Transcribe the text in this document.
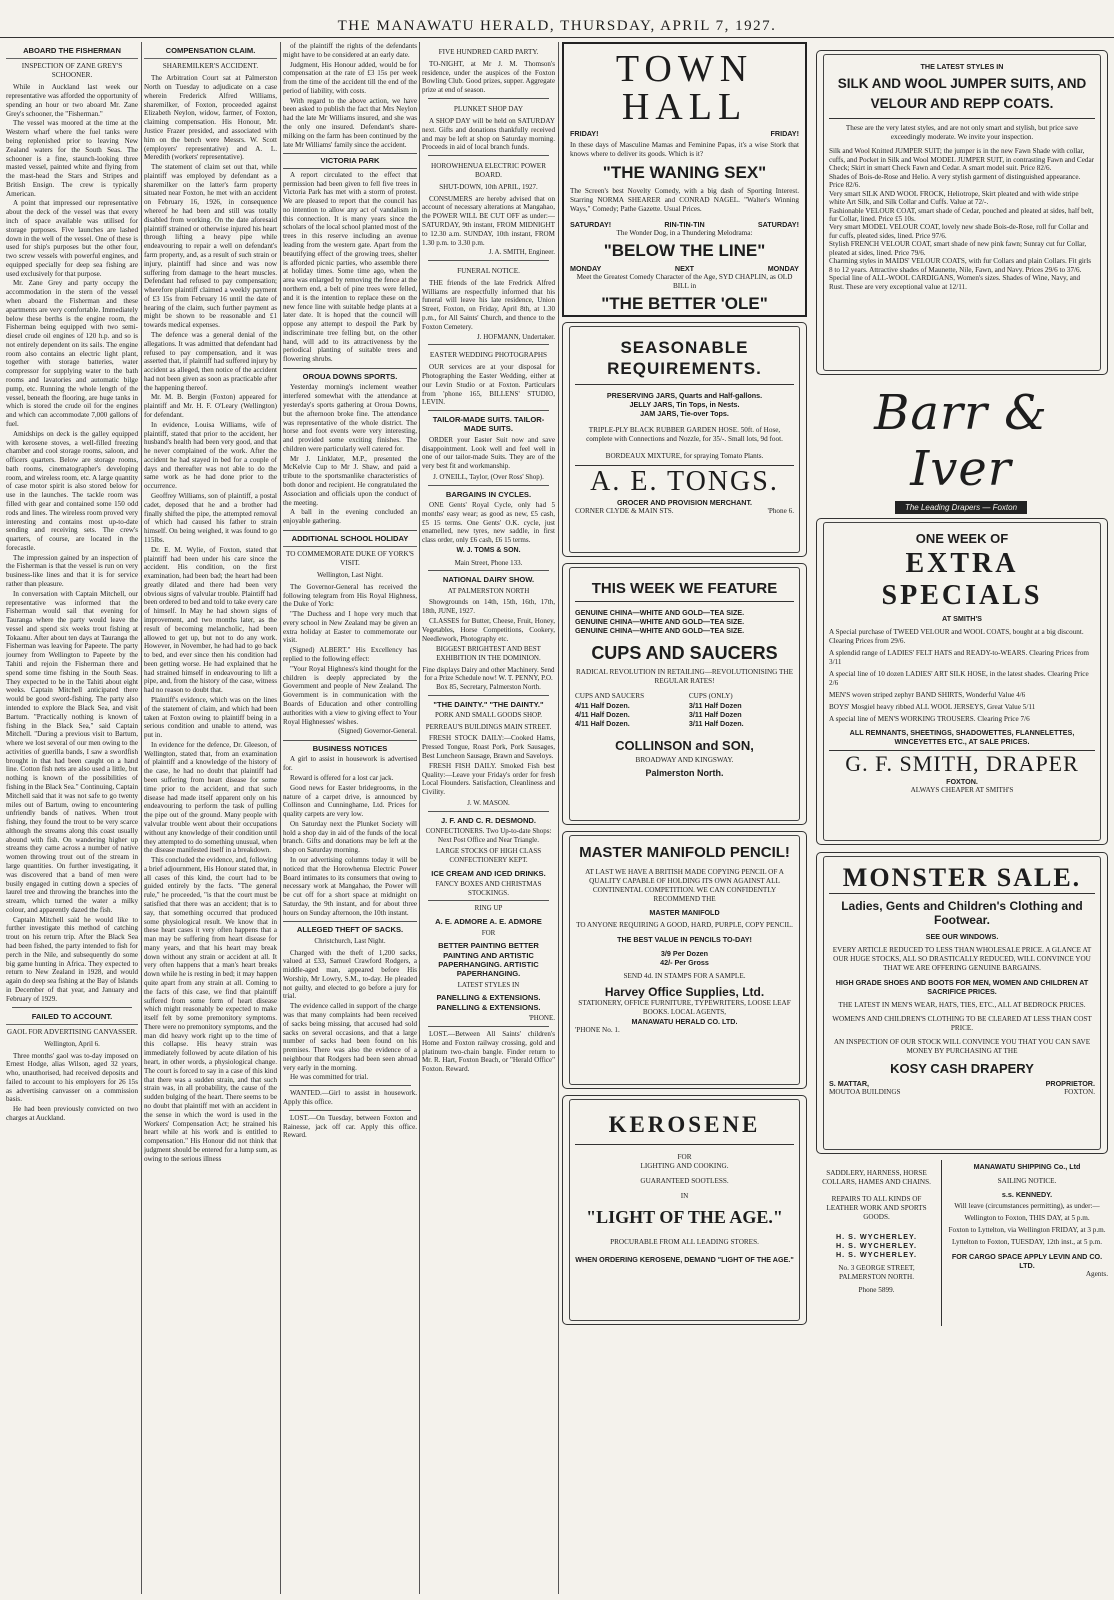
THE MANAWATU HERALD, THURSDAY, APRIL 7, 1927.
ABOARD THE FISHERMAN
INSPECTION OF ZANE GREY'S SCHOONER.

While in Auckland last week our representative was afforded the opportunity of spending an hour or two aboard Mr. Zane Grey's schooner, the "Fisherman."

The vessel was moored at the time at the Western wharf where the fuel tanks were being replenished prior to leaving New Zealand waters for the South Seas. The schooner is a fine, staunch-looking three masted vessel, painted white and flying from the mast-head the Stars and Stripes and British Ensign. The crew is typically American.

A point that impressed our representative about the deck of the vessel was that every inch of space available was utilised for storage purposes. Five launches are lashed down in the well of the vessel. One of these is used for ship's purposes but the other four, two screw vessels with powerful engines, and equipped specially for deep sea fishing are used exclusively for that purpose.

Mr. Zane Grey and party occupy the accommodation in the stern of the vessel when aboard the Fisherman and these apartments are very comfortable. Immediately below these berths is the engine room, the Fisherman being equipped with two semi-diesel crude oil engines of 120 h.p. and so is not entirely dependent on its sails. The engine room also contains an electric light plant, together with storage batteries, water compressor for supplying water to the bath rooms and lavatories and automatic bilge pump, etc. Running the whole length of the vessel, beneath the flooring, are huge tanks in which is stored the crude oil for the engines and which can accommodate 7,000 gallons of fuel.

Amidships on deck is the galley equipped with kerosene stoves, a well-filled freezing chamber and cool storage rooms, saloon, and officers quarters. Below are storage rooms, bath rooms, cinematographer's developing room, and wireless room, etc. A large quantity of case motor spirit is also stored below for use in the launches. The tackle room was filled with gear and contained some 150 odd rods and lines. The wireless room proved very interesting and contains most up-to-date sending and receiving sets. The crew's quarters, of course, are located in the forecastle.

The impression gained by an inspection of the Fisherman is that the vessel is run on very business-like lines and that it is for service rather than pleasure.

In conversation with Captain Mitchell, our representative was informed that the Fisherman would sail that evening for Tauranga where the party would leave the vessel and spend six weeks trout fishing at Tokaanu. After about ten days at Tauranga the Fisherman was leaving for Papeete. The party journey from Wellington to Papeete by the Tahiti and rejoin the Fisherman there and spend some time fishing in the South Seas. They expected to be in the Tahiti about eight weeks. Captain Mitchell anticipated there would be good sword-fishing. The party also intended to explore the Black Sea, and visit Bartum. "Practically nothing is known of fishing in the Black Sea," said Captain Mitchell. "During a previous visit to Bartum, where we lost several of our men owing to the activities of guerilla bands, I saw a swordfish brought in that had been caught on a hand line. Cotton fish nets are also used a little, but nothing is known of the possibilities of fishing in the Black Sea." Continuing, Captain Mitchell said that it was not safe to go twenty miles out of Bartum, owing to encountering unfriendly bands of natives. When trout fishing, they found the trout to be very scarce although the streams along this coast usually abound with fish. On wandering higher up streams they came across a number of native women throwing trout out of the stream in large quantities. On further investigating, it was discovered that a band of men were busily engaged in cutting down a species of laurel tree and throwing the branches into the stream, which turned the water a milky colour, and apparently dazed the fish.

Captain Mitchell said he would like to further investigate this method of catching trout on his return trip. After the Black Sea had been fished, the party intended to fish for perch in the Nile, and subsequently do some big game hunting in Africa. They expected to return to New Zealand in 1928, and would again do deep sea fishing at the Bay of Islands in December of that year, and January and February of 1929.

FAILED TO ACCOUNT.
GAOL FOR ADVERTISING CANVASSER.

Wellington, April 6.

Three months' gaol was to-day imposed on Ernest Hodge, alias Wilson, aged 32 years, who, unauthorised, had received deposits and failed to account to his employers for 26 15s as advertising canvasser on a commission basis.

He had been previously convicted on two charges at Auckland.

COMPENSATION CLAIM.
SHAREMILKER'S ACCIDENT.

The Arbitration Court sat at Palmerston North on Tuesday to adjudicate on a case wherein Frederick Alfred Williams, sharemilker, of Foxton, proceeded against Elizabeth Neylon, widow, farmer, of Foxton, claiming compensation. His Honour, Mr. Justice Frazer presided, and associated with him on the bench were Messrs. W. Scott (employers' representative) and A. L. Meredith (workers' representative).

The statement of claim set out that, while plaintiff was employed by defendant as a sharemilker on the latter's farm property situated near Foxton, he met with an accident on February 16, 1926, in consequence whereof he had been and still was totally disabled from working. On the date aforesaid plaintiff strained or otherwise injured his heart through lifting a heavy pipe while endeavouring to repair a well on defendant's farm property, and, as a result of such strain or injury, plaintiff had since and was now suffering from damage to the heart muscles. Defendant had refused to pay compensation; wherefore plaintiff claimed a weekly payment of £3 15s from February 16 until the date of hearing of the claim, such further payment as might be shown to be reasonable and £1 towards medical expenses.

The defence was a general denial of the allegations. It was admitted that defendant had refused to pay compensation, and it was asserted that, if plaintiff had suffered injury by accident as alleged, then notice of the accident had not been given as soon as practicable after the happening thereof.

Mr. M. B. Bergin (Foxton) appeared for plaintiff and Mr. H. F. O'Leary (Wellington) for defendant.

In evidence, Louisa Williams, wife of plaintiff, stated that prior to the accident, her husband's health had been very good, and that he never complained of the work. After the accident he had stayed in bed for a couple of days and thereafter was not able to do the same work as he had done prior to the occurrence.

Geoffrey Williams, son of plaintiff, a postal cadet, deposed that he and a brother had finally shifted the pipe, the attempted removal of which had caused his father to strain himself. On being weighed, it was found to go 115lbs.

Dr. E. M. Wylie, of Foxton, stated that plaintiff had been under his care since the accident. His condition, on the first examination, had been bad; the heart had been greatly dilated and there had been very obvious signs of valvular trouble. Plaintiff had been ordered to bed and told to take every care of himself. In May he had shown signs of improvement, and two months later, as the result of becoming melancholic, had been allowed to get up, but not to do any work. However, in November, he had had to go back to bed, and ever since then his condition had been getting worse. He had explained that he had strained himself in endeavouring to lift a pipe, and, from the history of the case, witness had no reason to doubt that.

Plaintiff's evidence, which was on the lines of the statement of claim, and which had been taken at Foxton owing to plaintiff being in a serious condition and unable to attend, was put in.

In evidence for the defence, Dr. Gleeson, of Wellington, stated that, from an examination of plaintiff and a knowledge of the history of the case, he had no doubt that plaintiff had been suffering from heart disease for some time prior to the accident, and that such disease had made itself apparent only on his endeavouring to perform the task of pulling the pipe out of the ground. Many people with valvular trouble went about their occupations without any knowledge of their condition until they attempted to do something unusual, when the disease manifested itself in a breakdown.

This concluded the evidence, and, following a brief adjournment, His Honour stated that, in all cases of this kind, the court had to be guided entirely by the facts. "The general rule," he proceeded, "is that the court must be satisfied that there was an accident; that is to say, that something occurred that produced some physiological result. We know that in these heart cases it very often happens that a man may be suffering from heart disease for many years, and that his heart may break down without any strain or accident at all. It very often happens that a man's heart breaks down while he is resting in bed; it may happen quite apart from any strain at all. Coming to the facts of this case, we find that plaintiff suffered from some form of heart disease which might reasonably be expected to make itself felt by some premonitory symptoms. There were no premonitory symptoms, and the man did heavy work right up to the time of this collapse. His heavy strain was immediately followed by acute dilation of his heart, in other words, a physiological change. The court is forced to say in a case of this kind that there was a sudden strain, and that such strain was, in all probability, the cause of the sudden bulging of the heart. There seems to be no doubt that plaintiff met with an accident in the sense in which the word is used in the Workers' Compensation Act; he strained his heart while at his work and is entitled to compensation." His Honour did not think that judgment should be entered for a lump sum, as owing to the serious illness

of the plaintiff the rights of the defendants might have to be considered at an early date.

Judgment, His Honour added, would be for compensation at the rate of £3 15s per week from the time of the accident till the end of the period of liability, with costs.

With regard to the above action, we have been asked to publish the fact that Mrs Neylon had the late Mr Williams insured, and she was the only one insured. Defendant's share-milking on the farm has been continued by the late Mr Williams' family since the accident.

VICTORIA PARK

A report circulated to the effect that permission had been given to fell five trees in Victoria Park has met with a storm of protest. We are pleased to report that the council has no intention to allow any act of vandalism in this connection. It is many years since the scholars of the local school planted most of the trees in this reserve including an avenue leading from the western gate. Apart from the beautifying effect of the growing trees, shelter is afforded picnic parties, who assemble there at holiday times. Some time ago, when the area was enlarged by removing the fence at the northern end, a belt of pine trees were felled, and it is the intention to replace these on the new fence line with suitable hedge plants at a later date. It is hoped that the council will oppose any attempt to despoil the Park by indiscriminate tree felling but, on the other hand, will add to its attractiveness by the periodical planting of suitable trees and flowering shrubs.

OROUA DOWNS SPORTS.

Yesterday morning's inclement weather interfered somewhat with the attendance at yesterday's sports gathering at Oroua Downs, but the afternoon broke fine. The attendance was representative of the whole district. The horse and foot events were very interesting, and provided some exciting finishes. The children were particularly well catered for.

Mr J. Linklater, M.P., presented the McKelvie Cup to Mr J. Shaw, and paid a tribute to the sportsmanlike characteristics of both donor and recipient. He congratulated the Association and officials upon the conduct of the meeting.

A ball in the evening concluded an enjoyable gathering.

ADDITIONAL SCHOOL HOLIDAY
TO COMMEMORATE DUKE OF YORK'S VISIT.

Wellington, Last Night.

The Governor-General has received the following telegram from His Royal Highness, the Duke of York:

"The Duchess and I hope very much that every school in New Zealand may be given an extra holiday at Easter to commemorate our visit.

(Signed) ALBERT." His Excellency has replied to the following effect:

"Your Royal Highness's kind thought for the children is deeply appreciated by the Government and people of New Zealand. The Government is in communication with the Boards of Education and other controlling authorities with a view to giving effect to Your Royal Highnesses' wishes.

(Signed) Governor-General.

BUSINESS NOTICES

A girl to assist in housework is advertised for.

Reward is offered for a lost car jack.

Good news for Easter bridegrooms, in the nature of a carpet drive, is announced by Collinson and Cunninghame, Ltd. Prices for quality carpets are very low.

On Saturday next the Plunket Society will hold a shop day in aid of the funds of the local branch. Gifts and donations may be left at the shop on Saturday morning.

In our advertising columns today it will be noticed that the Horowhenua Electric Power Board intimates to its consumers that owing to necessary work at Mangahao, the Power will be cut off for a short space at midnight on Saturday, the 9th instant, and for about three hours on Sunday afternoon, the 10th instant.

ALLEGED THEFT OF SACKS.

Christchurch, Last Night.

Charged with the theft of 1,200 sacks, valued at £33, Samuel Crawford Rodgers, a middle-aged man, appeared before His Worship, Mr Lowry, S.M., to-day. He pleaded not guilty, and elected to go before a jury for trial.

The evidence called in support of the charge was that many complaints had been received of sacks being missing, that accused had sold sacks on several occasions, and that a large number of sacks had been found on his premises. There was also the evidence of a neighbour that Rodgers had been seen abroad very early in the morning.

He was committed for trial.

WANTED.—Girl to assist in housework. Apply this office.

LOST.—On Tuesday, between Foxton and Rainesse, jack off car. Apply this office. Reward.

FIVE HUNDRED CARD PARTY.

TO-NIGHT, at Mr J. M. Thomson's residence, under the auspices of the Foxton Bowling Club. Good prizes, supper. Aggregate prize at end of season.

PLUNKET SHOP DAY

A SHOP DAY will be held on SATURDAY next. Gifts and donations thankfully received and may be left at shop on Saturday morning. Proceeds in aid of local branch funds.

HOROWHENUA ELECTRIC POWER BOARD.

SHUT-DOWN, 10th APRIL, 1927.

CONSUMERS are hereby advised that on account of necessary alterations at Mangahao, the POWER WILL BE CUT OFF as under:— SATURDAY, 9th instant, FROM MIDNIGHT to 12.30 a.m. SUNDAY, 10th instant, FROM 1.30 p.m. to 3.30 p.m.

J. A. SMITH, Engineer.

FUNERAL NOTICE.

THE friends of the late Fredrick Alfred Williams are respectfully informed that his funeral will leave his late residence, Union Street, Foxton, on Friday, April 8th, at 1.30 p.m., for All Saints' Church, and thence to the Foxton Cemetery.

J. HOFMANN, Undertaker.

EASTER WEDDING PHOTOGRAPHS

OUR services are at your disposal for Photographing the Easter Wedding, either at our Levin Studio or at Foxton. Particulars from 'phone 165, BILLENS' STUDIO, LEVIN.

TAILOR-MADE SUITS. TAILOR-MADE SUITS.

ORDER your Easter Suit now and save disappointment. Look well and feel well in one of our tailor-made Suits. They are of the very best fit and workmanship.

J. O'NEILL, Taylor, (Over Ross' Shop).

BARGAINS IN CYCLES.

ONE Gents' Royal Cycle, only had 5 months' easy wear; as good as new, £5 cash, £5 15 terms. One Gents' O.K. cycle, just enamelled, new tyres, new saddle, in first class order, only £6 cash, £6 15 terms.

W. J. TOMS & SON.

Main Street, Phone 133.

NATIONAL DAIRY SHOW.

AT PALMERSTON NORTH

Showgrounds on 14th, 15th, 16th, 17th, 18th, JUNE, 1927.

CLASSES for Butter, Cheese, Fruit, Honey, Vegetables, Horse Competitions, Cookery, Needlework, Photography etc.

BIGGEST BRIGHTEST AND BEST EXHIBITION IN THE DOMINION.

Fine displays Dairy and other Machinery. Send for a Prize Schedule now! W. T. PENNY, P.O. Box 85, Secretary, Palmerston North.

"THE DAINTY." "THE DAINTY."

PORK AND SMALL GOODS SHOP.

PERREAU'S BUILDINGS MAIN STREET.

FRESH STOCK DAILY:—Cooked Hams, Pressed Tongue, Roast Pork, Pork Sausages, Best Luncheon Sausage, Brawn and Saveloys.

FRESH FISH DAILY. Smoked Fish best Quality:—Leave your Friday's order for fresh Local Flounders. Satisfaction, Cleanliness and Civility.

J. W. MASON.

J. F. AND C. R. DESMOND.

CONFECTIONERS. Two Up-to-date Shops: Next Post Office and Near Triangle.

LARGE STOCKS OF HIGH CLASS CONFECTIONERY KEPT.

ICE CREAM AND ICED DRINKS.

FANCY BOXES AND CHRISTMAS STOCKINGS.

RING UP

A. E. ADMORE A. E. ADMORE

FOR

BETTER PAINTING BETTER PAINTING AND ARTISTIC PAPERHANGING. ARTISTIC PAPERHANGING.

LATEST STYLES IN

PANELLING & EXTENSIONS. PANELLING & EXTENSIONS.

'PHONE.

LOST.—Between All Saints' children's Home and Foxton railway crossing, gold and platinum two-chain bangle. Finder return to Mr. R. Hart, Foxton Beach, or "Herald Office" Foxton. Reward.

TOWN HALL
FRIDAY!	FRIDAY!
In these days of Masculine Mamas and Feminine Papas, it's a wise Stork that knows where to deliver its goods. Which is it?
"THE WANING SEX"
The Screen's best Novelty Comedy, with a big dash of Sporting Interest. Starring NORMA SHEARER and CONRAD NAGEL. "Walter's Winning Ways," Comedy; Pathe Gazette. Usual Prices.
SATURDAY!	RIN-TIN-TIN	SATURDAY!
The Wonder Dog, in a Thundering Melodrama:
"BELOW THE LINE"
MONDAY	NEXT	MONDAY
Meet the Greatest Comedy Character of the Age, SYD CHAPLIN, as OLD BILL in
"THE BETTER 'OLE"
SEASONABLE REQUIREMENTS.
PRESERVING JARS, Quarts and Half-gallons.
JELLY JARS, Tin Tops, in Nests.
JAM JARS, Tie-over Tops.
TRIPLE-PLY BLACK RUBBER GARDEN HOSE. 50ft. of Hose, complete with Connections and Nozzle, for 35/-. Small lots, 9d foot.
BORDEAUX MIXTURE, for spraying Tomato Plants.
A. E. TONGS.
GROCER AND PROVISION MERCHANT.
CORNER CLYDE & MAIN STS.	'Phone 6.
THIS WEEK WE FEATURE
GENUINE CHINA—WHITE AND GOLD—TEA SIZE.
GENUINE CHINA—WHITE AND GOLD—TEA SIZE.
GENUINE CHINA—WHITE AND GOLD—TEA SIZE.
CUPS AND SAUCERS
RADICAL REVOLUTION IN RETAILING—REVOLUTIONISING THE REGULAR RATES!
CUPS AND SAUCERS
4/11 Half Dozen.
4/11 Half Dozen.
4/11 Half Dozen.
CUPS (ONLY)
3/11 Half Dozen
3/11 Half Dozen
3/11 Half Dozen.
COLLINSON and SON,
BROADWAY AND KINGSWAY.
Palmerston North.
MASTER MANIFOLD PENCIL!
AT LAST WE HAVE A BRITISH MADE COPYING PENCIL OF A QUALITY CAPABLE OF HOLDING ITS OWN AGAINST ALL CONTINENTAL COMPETITION. WE CAN CONFIDENTLY RECOMMEND THE
MASTER MANIFOLD
TO ANYONE REQUIRING A GOOD, HARD, PURPLE, COPY PENCIL.
THE BEST VALUE IN PENCILS TO-DAY!
3/9 Per Dozen
42/- Per Gross
SEND 4d. IN STAMPS FOR A SAMPLE.
Harvey Office Supplies, Ltd.
STATIONERY, OFFICE FURNITURE, TYPEWRITERS, LOOSE LEAF BOOKS. LOCAL AGENTS,
MANAWATU HERALD CO. LTD.
'PHONE No. 1.
KEROSENE
FOR
LIGHTING AND COOKING.
GUARANTEED SOOTLESS.
IN
"LIGHT OF THE AGE."
PROCURABLE FROM ALL LEADING STORES.
WHEN ORDERING KEROSENE, DEMAND "LIGHT OF THE AGE."
THE LATEST STYLES IN
SILK AND WOOL JUMPER SUITS, AND VELOUR AND REPP COATS.
These are the very latest styles, and are not only smart and stylish, but price save exceedingly moderate. We invite your inspection.
Silk and Wool Knitted JUMPER SUIT; the jumper is in the new Fawn Shade with collar, cuffs, and Pocket in Silk and Wool MODEL JUMPER SUIT, in contrasting Fawn and Cedar Check; Skirt in smart Check Fawn and Cedar. A smart model suit. Price 82/6.
Shades of Bois-de-Rose and Helio. A very stylish garment of distinguished appearance. Price 82/6.
Very smart SILK AND WOOL FROCK, Heliotrope, Skirt pleated and with wide stripe white Art Silk, and Silk Collar and Cuffs. Value at 72/-.
Fashionable VELOUR COAT, smart shade of Cedar, pouched and pleated at sides, half belt, fur Collar, lined. Price £5 10s.
Very smart MODEL VELOUR COAT, lovely new shade Bois-de-Rose, roll fur Collar and fur cuffs, pleated sides, lined. Price 97/6.
Stylish FRENCH VELOUR COAT, smart shade of new pink fawn; Sunray cut fur Collar, pleated at sides, lined. Price 79/6.
Charming styles in MAIDS' VELOUR COATS, with fur Collars and plain Collars. Fit girls 8 to 12 years. Attractive shades of Maunette, Nile, Fawn, and Navy. Prices 29/6 to 37/6.
Special line of ALL-WOOL CARDIGANS, Women's sizes. Shades of Wine, Navy, and Rust. These are very exceptional value at 12/11.
Barr & Iver
The Leading Drapers — Foxton
ONE WEEK OF
EXTRA SPECIALS
AT SMITH'S
A Special purchase of TWEED VELOUR and WOOL COATS, bought at a big discount. Clearing Prices from 29/6.
A splendid range of LADIES' FELT HATS and READY-to-WEARS. Clearing Prices from 3/11
A special line of 10 dozen LADIES' ART SILK HOSE, in the latest shades. Clearing Price 2/6
MEN'S woven striped zephyr BAND SHIRTS, Wonderful Value 4/6
BOYS' Mosgiel heavy ribbed ALL WOOL JERSEYS, Great Value 5/11
A special line of MEN'S WORKING TROUSERS. Clearing Price 7/6
ALL REMNANTS, SHEETINGS, SHADOWETTES, FLANNELETTES, WINCEYETTES ETC., AT SALE PRICES.
G. F. SMITH, DRAPER
FOXTON.
ALWAYS CHEAPER AT SMITH'S
MONSTER SALE.
Ladies, Gents and Children's Clothing and Footwear.
SEE OUR WINDOWS.
EVERY ARTICLE REDUCED TO LESS THAN WHOLESALE PRICE. A GLANCE AT OUR HUGE STOCKS, ALL SO DRASTICALLY REDUCED, WILL CONVINCE YOU THAT WE ARE OFFERING GENUINE BARGAINS.
HIGH GRADE SHOES AND BOOTS FOR MEN, WOMEN AND CHILDREN AT SACRIFICE PRICES.
THE LATEST IN MEN'S WEAR, HATS, TIES, ETC., ALL AT BEDROCK PRICES.
WOMEN'S AND CHILDREN'S CLOTHING TO BE CLEARED AT LESS THAN COST PRICE.
AN INSPECTION OF OUR STOCK WILL CONVINCE YOU THAT YOU CAN SAVE MONEY BY PURCHASING AT THE
KOSY CASH DRAPERY
S. MATTAR,	PROPRIETOR.
MOUTOA BUILDINGS	FOXTON.
SADDLERY, HARNESS, HORSE COLLARS, HAMES AND CHAINS.
REPAIRS TO ALL KINDS OF LEATHER WORK AND SPORTS GOODS.
H. S. WYCHERLEY.
H. S. WYCHERLEY.
H. S. WYCHERLEY.
No. 3 GEORGE STREET, PALMERSTON NORTH.
Phone 5899.
MANAWATU SHIPPING Co., Ltd
SAILING NOTICE.
s.s. KENNEDY.
Will leave (circumstances permitting), as under:—
Wellington to Foxton, THIS DAY, at 5 p.m.
Foxton to Lyttelton, via Wellington FRIDAY, at 3 p.m.
Lyttelton to Foxton, TUESDAY, 12th inst., at 5 p.m.
FOR CARGO SPACE APPLY LEVIN AND CO. LTD.
Agents.
